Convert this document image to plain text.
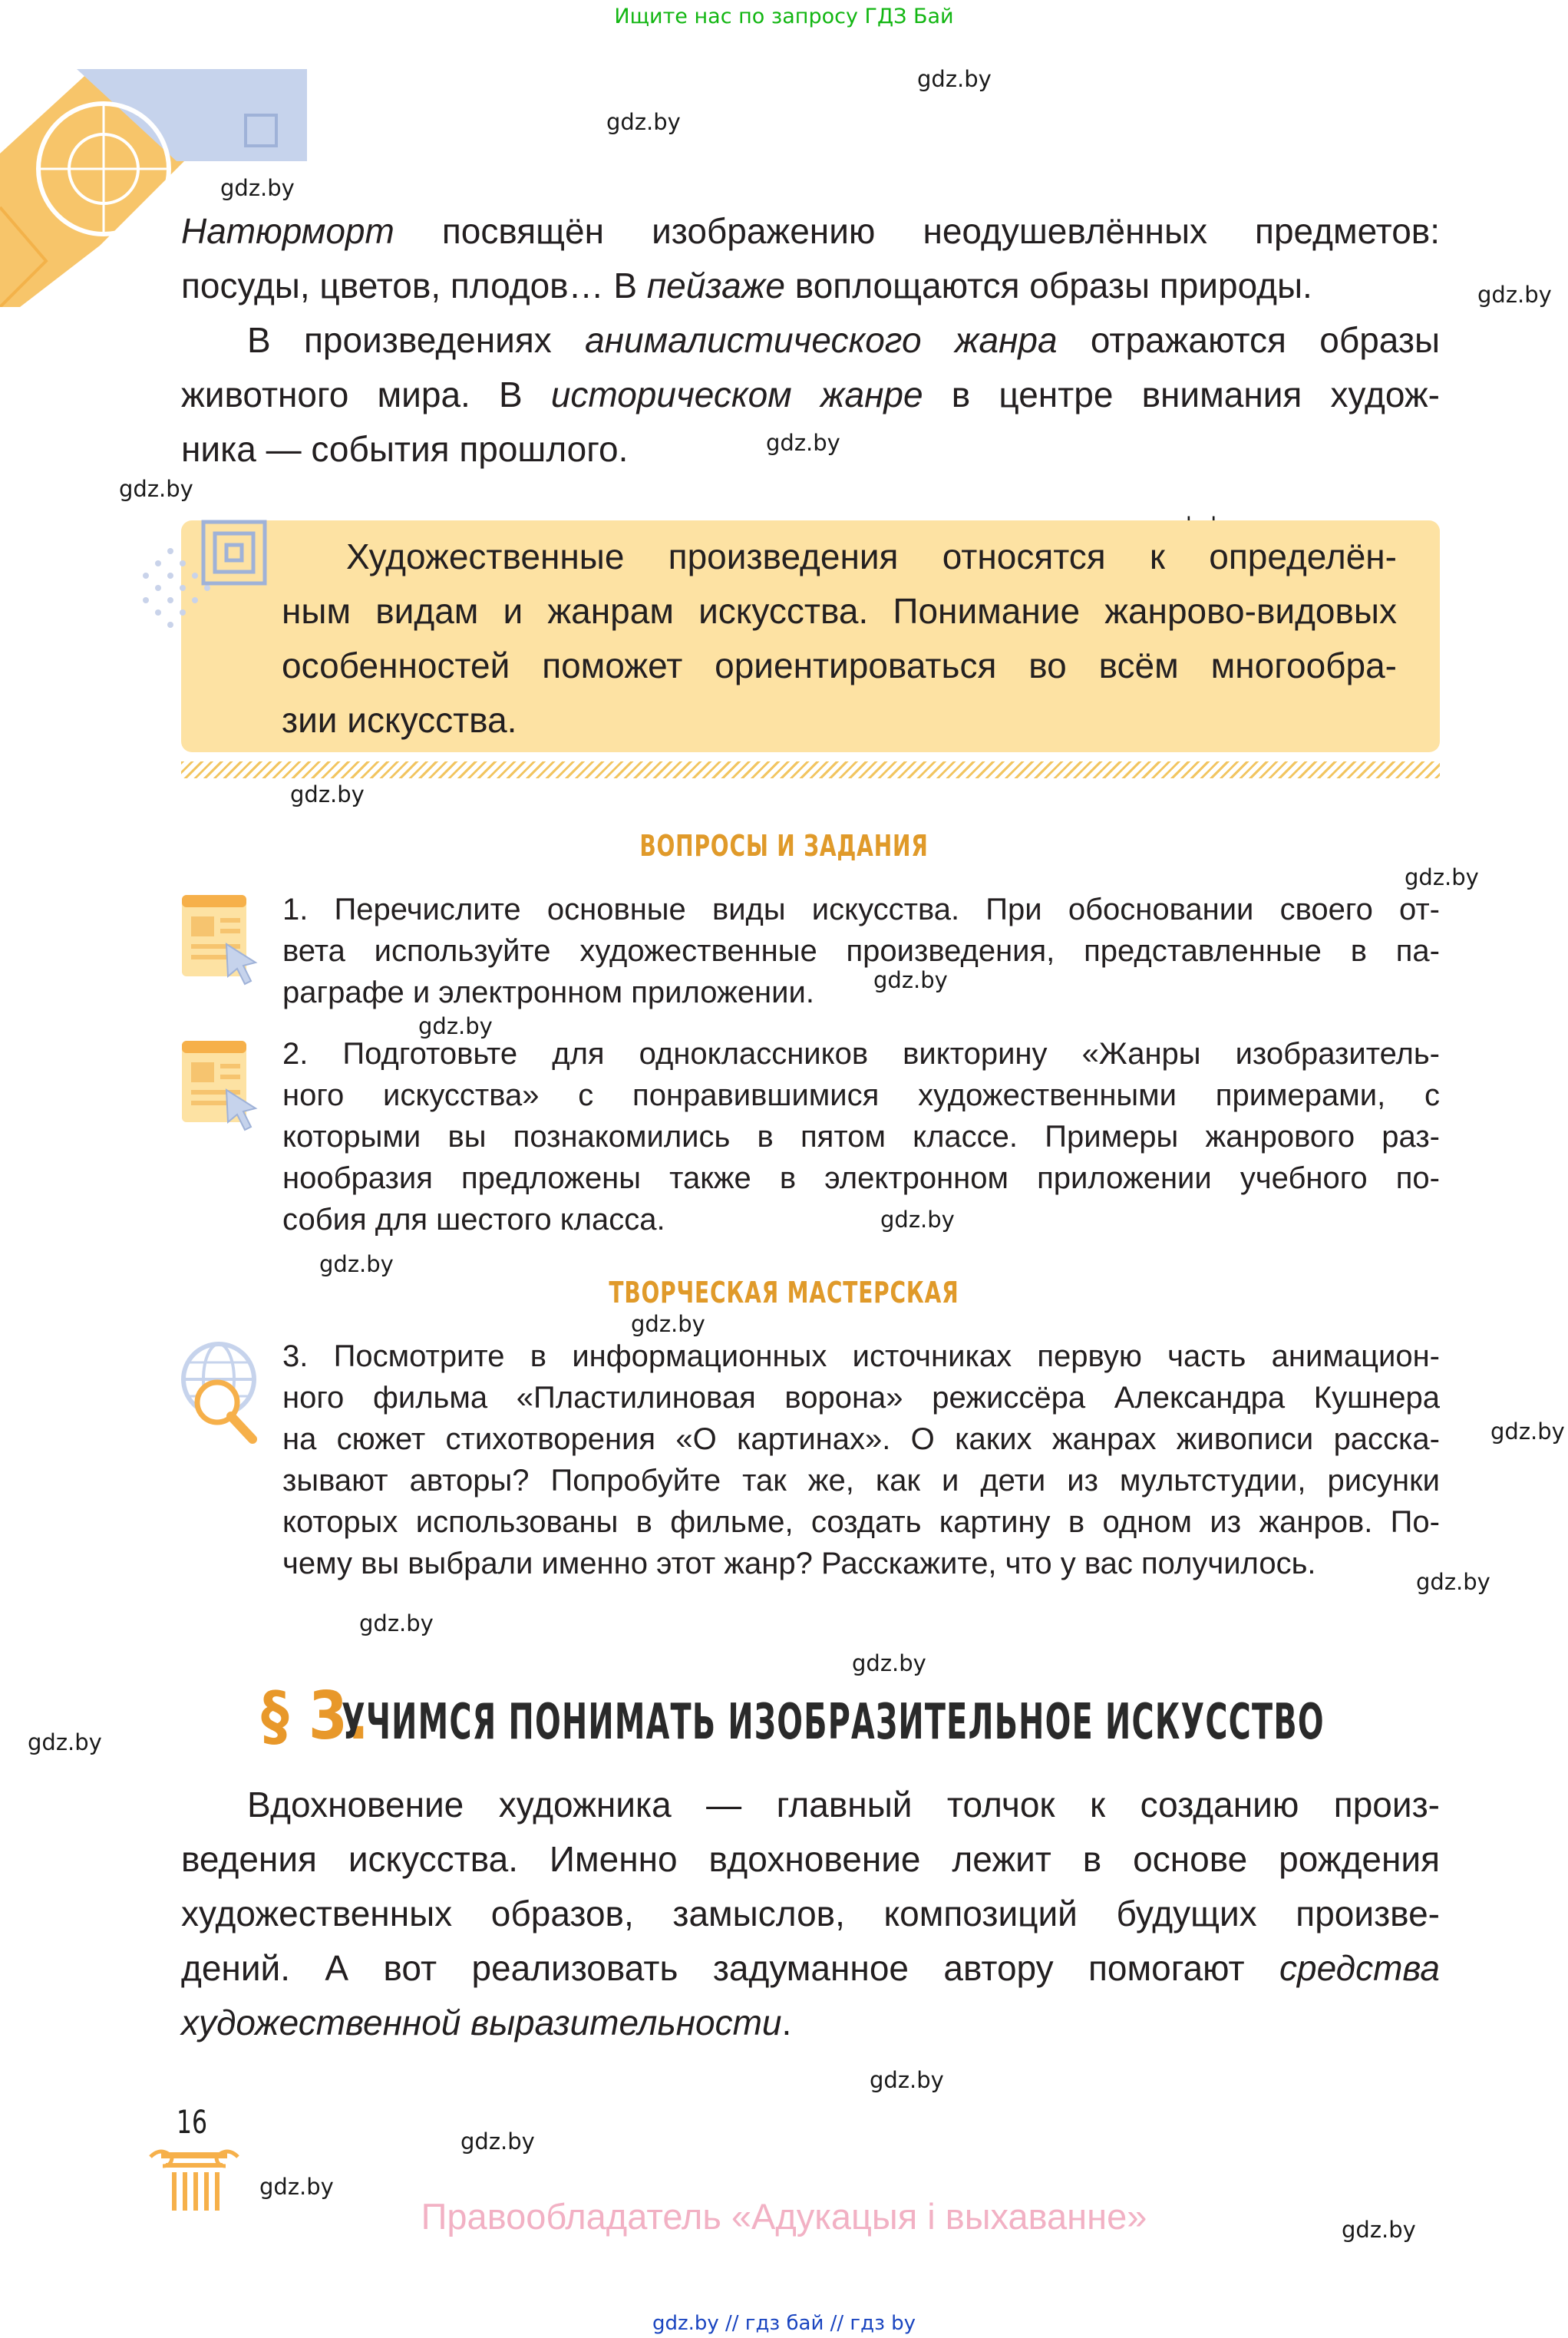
Ищите нас по запросу ГДЗ Бай
gdz.by
gdz.by
gdz.by
gdz.by
gdz.by
gdz.by
gdz.by
gdz.by
gdz.by
gdz.by
gdz.by
gdz.by
gdz.by
gdz.by
gdz.by
gdz.by
gdz.by
gdz.by
gdz.by
gdz.by
gdz.by
gdz.by
Натюрморт посвящён изображению неодушевлённых предметов:
посуды, цветов, плодов… В пейзаже воплощаются образы природы.
В произведениях анималистического жанра отражаются образы
животного мира. В историческом жанре в центре внимания худож-
ника — события прошлого.
Художественные произведения относятся к определён-
ным видам и жанрам искусства. Понимание жанрово-видовых
особенностей поможет ориентироваться во всём многообра-
зии искусства.
ВОПРОСЫ И ЗАДАНИЯ
1. Перечислите основные виды искусства. При обосновании своего от-
вета используйте художественные произведения, представленные в па-
раграфе и электронном приложении.
2. Подготовьте для одноклассников викторину «Жанры изобразитель-
ного искусства» с понравившимися художественными примерами, с
которыми вы познакомились в пятом классе. Примеры жанрового раз-
нообразия предложены также в электронном приложении учебного по-
собия для шестого класса.
ТВОРЧЕСКАЯ МАСТЕРСКАЯ
3. Посмотрите в информационных источниках первую часть анимацион-
ного фильма «Пластилиновая ворона» режиссёра Александра Кушнера
на сюжет стихотворения «О картинах». О каких жанрах живописи расска-
зывают авторы? Попробуйте так же, как и дети из мультстудии, рисунки
которых использованы в фильме, создать картину в одном из жанров. По-
чему вы выбрали именно этот жанр? Расскажите, что у вас получилось.
§ 3.
УЧИМСЯ ПОНИМАТЬ ИЗОБРАЗИТЕЛЬНОЕ ИСКУССТВО
Вдохновение художника — главный толчок к созданию произ-
ведения искусства. Именно вдохновение лежит в основе рождения
художественных образов, замыслов, композиций будущих произве-
дений. А вот реализовать задуманное автору помогают средства
художественной выразительности.
16
Правообладатель «Адукацыя і выхаванне»
gdz.by // гдз бай // гдз by
